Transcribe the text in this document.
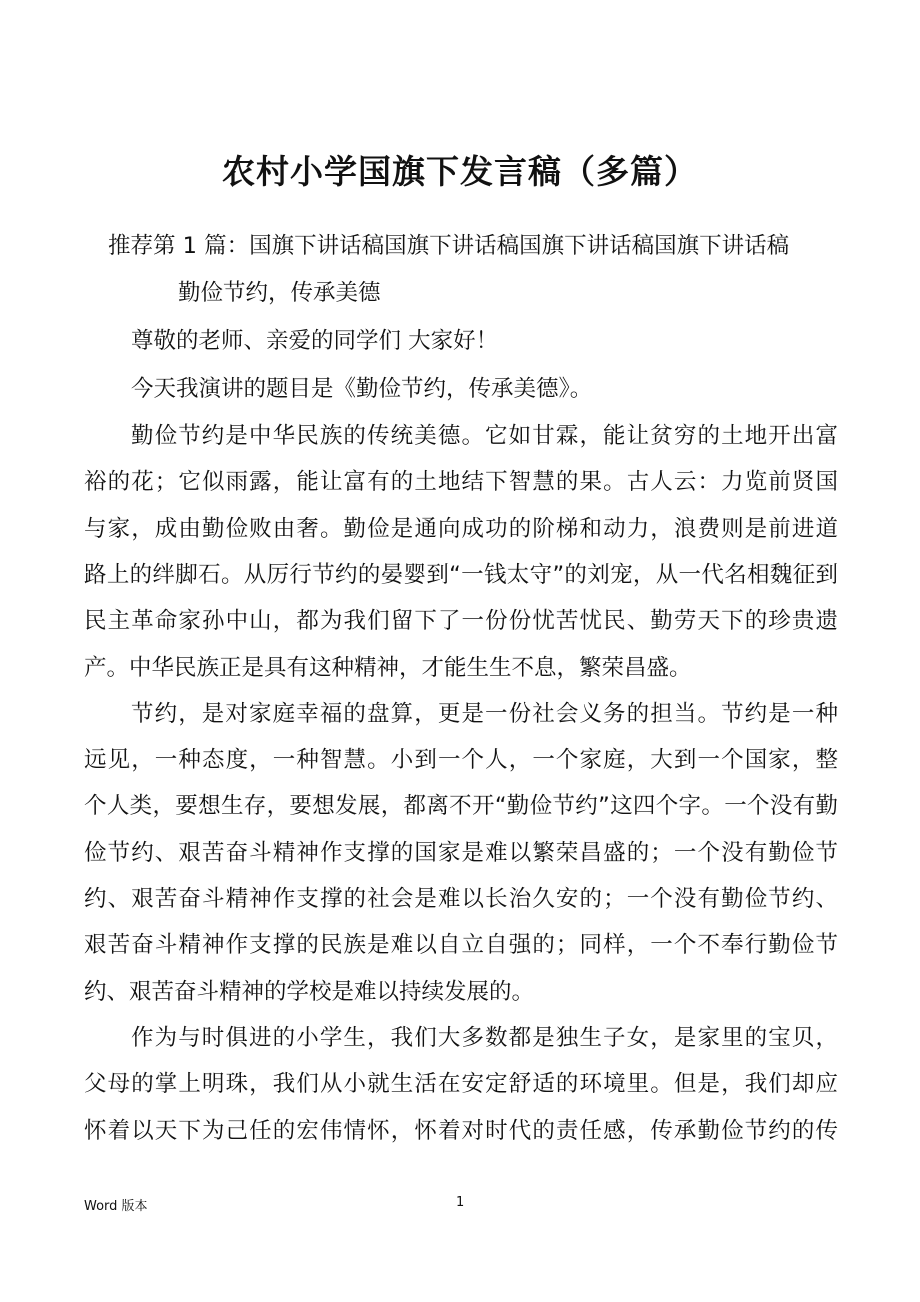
农村小学国旗下发言稿（多篇）
推荐第 1 篇：国旗下讲话稿国旗下讲话稿国旗下讲话稿国旗下讲话稿
勤俭节约，传承美德
尊敬的老师、亲爱的同学们 大家好！
今天我演讲的题目是《勤俭节约，传承美德》。
勤俭节约是中华民族的传统美德。它如甘霖，能让贫穷的土地开出富
裕的花；它似雨露，能让富有的土地结下智慧的果。古人云：力览前贤国
与家，成由勤俭败由奢。勤俭是通向成功的阶梯和动力，浪费则是前进道
路上的绊脚石。从厉行节约的晏婴到“一钱太守”的刘宠，从一代名相魏征到
民主革命家孙中山，都为我们留下了一份份忧苦忧民、勤劳天下的珍贵遗
产。中华民族正是具有这种精神，才能生生不息，繁荣昌盛。
节约，是对家庭幸福的盘算，更是一份社会义务的担当。节约是一种
远见，一种态度，一种智慧。小到一个人，一个家庭，大到一个国家，整
个人类，要想生存，要想发展，都离不开“勤俭节约”这四个字。一个没有勤
俭节约、艰苦奋斗精神作支撑的国家是难以繁荣昌盛的；一个没有勤俭节
约、艰苦奋斗精神作支撑的社会是难以长治久安的；一个没有勤俭节约、
艰苦奋斗精神作支撑的民族是难以自立自强的；同样，一个不奉行勤俭节
约、艰苦奋斗精神的学校是难以持续发展的。
作为与时俱进的小学生，我们大多数都是独生子女，是家里的宝贝，
父母的掌上明珠，我们从小就生活在安定舒适的环境里。但是，我们却应
怀着以天下为己任的宏伟情怀，怀着对时代的责任感，传承勤俭节约的传
Word 版本	1
